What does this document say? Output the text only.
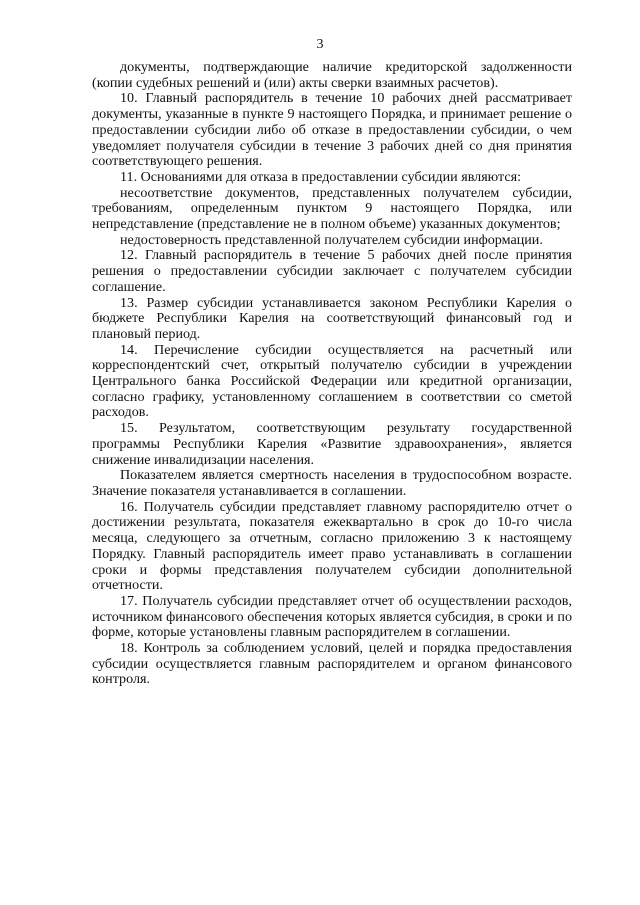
3

документы, подтверждающие наличие кредиторской задолженности (копии судебных решений и (или) акты сверки взаимных расчетов).

10. Главный распорядитель в течение 10 рабочих дней рассматривает документы, указанные в пункте 9 настоящего Порядка, и принимает решение о предоставлении субсидии либо об отказе в предоставлении субсидии, о чем уведомляет получателя субсидии в течение 3 рабочих дней со дня принятия соответствующего решения.

11. Основаниями для отказа в предоставлении субсидии являются:

несоответствие документов, представленных получателем субсидии, требованиям, определенным пунктом 9 настоящего Порядка, или непредставление (представление не в полном объеме) указанных документов;

недостоверность представленной получателем субсидии информации.

12. Главный распорядитель в течение 5 рабочих дней после принятия решения о предоставлении субсидии заключает с получателем субсидии соглашение.

13. Размер субсидии устанавливается законом Республики Карелия о бюджете Республики Карелия на соответствующий финансовый год и плановый период.

14. Перечисление субсидии осуществляется на расчетный или корреспондентский счет, открытый получателю субсидии в учреждении Центрального банка Российской Федерации или кредитной организации, согласно графику, установленному соглашением в соответствии со сметой расходов.

15. Результатом, соответствующим результату государственной программы Республики Карелия «Развитие здравоохранения», является снижение инвалидизации населения.

Показателем является смертность населения в трудоспособном возрасте. Значение показателя устанавливается в соглашении.

16. Получатель субсидии представляет главному распорядителю отчет о достижении результата, показателя ежеквартально в срок до 10-го числа месяца, следующего за отчетным, согласно приложению 3 к настоящему Порядку. Главный распорядитель имеет право устанавливать в соглашении сроки и формы представления получателем субсидии дополнительной отчетности.

17. Получатель субсидии представляет отчет об осуществлении расходов, источником финансового обеспечения которых является субсидия, в сроки и по форме, которые установлены главным распорядителем в соглашении.

18. Контроль за соблюдением условий, целей и порядка предоставления субсидии осуществляется главным распорядителем и органом финансового контроля.
